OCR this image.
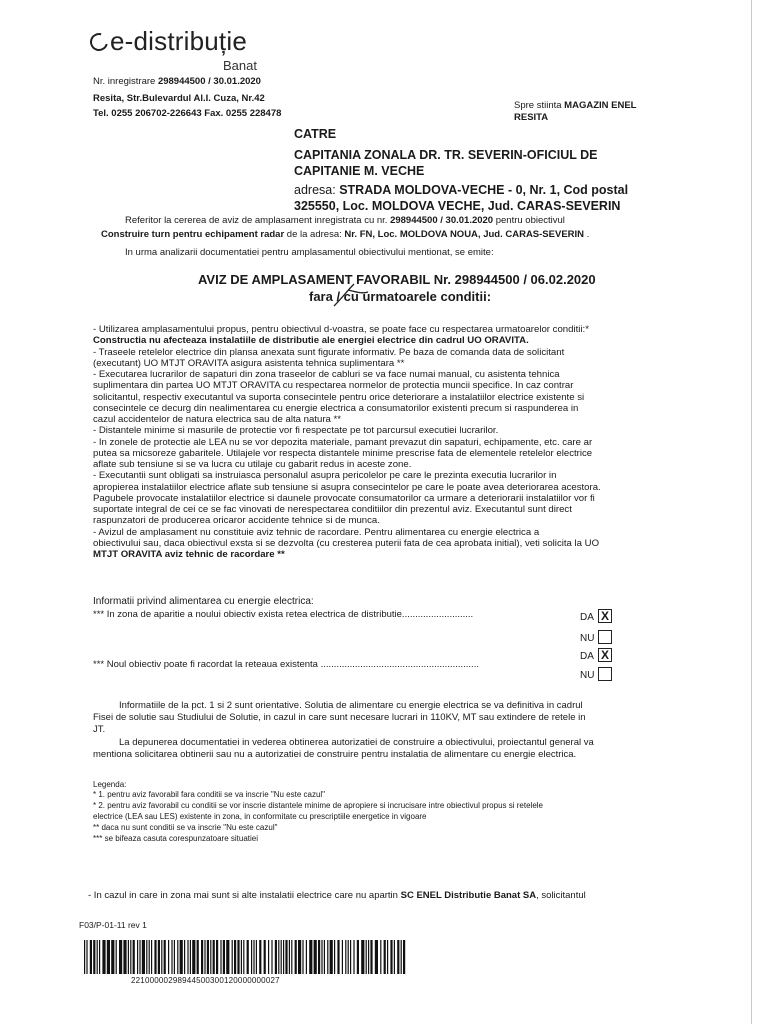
e-distribuție
Banat
Nr. inregistrare 298944500 / 30.01.2020
Resita, Str.Bulevardul Al.I. Cuza, Nr.42
Tel. 0255 206702-226643 Fax. 0255 228478
Spre stiinta MAGAZIN ENEL
RESITA
CATRE
CAPITANIA ZONALA DR. TR. SEVERIN-OFICIUL DE
CAPITANIE M. VECHE
adresa: STRADA MOLDOVA-VECHE - 0, Nr. 1, Cod postal
325550, Loc. MOLDOVA VECHE, Jud. CARAS-SEVERIN
Referitor la cererea de aviz de amplasament inregistrata cu nr. 298944500 / 30.01.2020 pentru obiectivul
Construire turn pentru echipament radar de la adresa: Nr. FN, Loc. MOLDOVA NOUA, Jud. CARAS-SEVERIN .
In urma analizarii documentatiei pentru amplasamentul obiectivului mentionat, se emite:
AVIZ DE AMPLASAMENT FAVORABIL Nr. 298944500 / 06.02.2020
fara / cu urmatoarele conditii:

- Utilizarea amplasamentului propus, pentru obiectivul d-voastra, se poate face cu respectarea urmatoarelor conditii:*

Constructia nu afecteaza instalatiile de distributie ale energiei electrice din cadrul UO ORAVITA.

- Traseele retelelor electrice din plansa anexata sunt figurate informativ. Pe baza de comanda data de solicitant

(executant) UO MTJT ORAVITA asigura asistenta tehnica suplimentara **

- Executarea lucrarilor de sapaturi din zona traseelor de cabluri se va face numai manual, cu asistenta tehnica

suplimentara din partea UO MTJT ORAVITA cu respectarea normelor de protectia muncii specifice. In caz contrar

solicitantul, respectiv executantul va suporta consecintele pentru orice deteriorare a instalatiilor electrice existente si

consecintele ce decurg din nealimentarea cu energie electrica a consumatorilor existenti precum si raspunderea in

cazul accidentelor de natura electrica sau de alta natura **

- Distantele minime si masurile de protectie vor fi respectate pe tot parcursul executiei lucrarilor.

- In zonele de protectie ale LEA nu se vor depozita materiale, pamant prevazut din sapaturi, echipamente, etc. care ar

putea sa micsoreze gabaritele. Utilajele vor respecta distantele minime prescrise fata de elementele retelelor electrice

aflate sub tensiune si se va lucra cu utilaje cu gabarit redus in aceste zone.

- Executantii sunt obligati sa instruiasca personalul asupra pericolelor pe care le prezinta executia lucrarilor in

apropierea instalatiilor electrice aflate sub tensiune si asupra consecintelor pe care le poate avea deteriorarea acestora.

Pagubele provocate instalatiilor electrice si daunele provocate consumatorilor ca urmare a deteriorarii instalatiilor vor fi

suportate integral de cei ce se fac vinovati de nerespectarea conditiilor din prezentul aviz. Executantul sunt direct

raspunzatori de producerea oricaror accidente tehnice si de munca.

- Avizul de amplasament nu constituie aviz tehnic de racordare. Pentru alimentarea cu energie electrica a

obiectivului sau, daca obiectivul exsta si se dezvolta (cu cresterea puterii fata de cea aprobata initial), veti solicita la UO

MTJT ORAVITA aviz tehnic de racordare **

Informatii privind alimentarea cu energie electrica:
*** In zona de aparitie a noului obiectiv exista retea electrica de distributie...........................
*** Noul obiectiv poate fi racordat la reteaua existenta ............................................................
DA X
NU
DA X
NU
Informatiile de la pct. 1 si 2 sunt orientative. Solutia de alimentare cu energie electrica se va definitiva in cadrul
Fisei de solutie sau Studiului de Solutie, in cazul in care sunt necesare lucrari in 110KV, MT sau extindere de retele in
JT.
La depunerea documentatiei in vederea obtinerea autorizatiei de construire a obiectivului, proiectantul general va
mentiona solicitarea obtinerii sau nu a autorizatiei de construire pentru instalatia de alimentare cu energie electrica.
Legenda:
* 1. pentru aviz favorabil fara conditii se va inscrie "Nu este cazul"
* 2. pentru aviz favorabil cu conditii se vor inscrie distantele minime de apropiere si incrucisare intre obiectivul propus si retelele
electrice (LEA sau LES) existente in zona, in conformitate cu prescriptiile energetice in vigoare
** daca nu sunt conditii se va inscrie "Nu este cazul"
*** se bifeaza casuta corespunzatoare situatiei
- In cazul in care in zona mai sunt si alte instalatii electrice care nu apartin SC ENEL Distributie Banat SA, solicitantul
F03/P-01-11 rev 1
22100000298944500300120000000027
